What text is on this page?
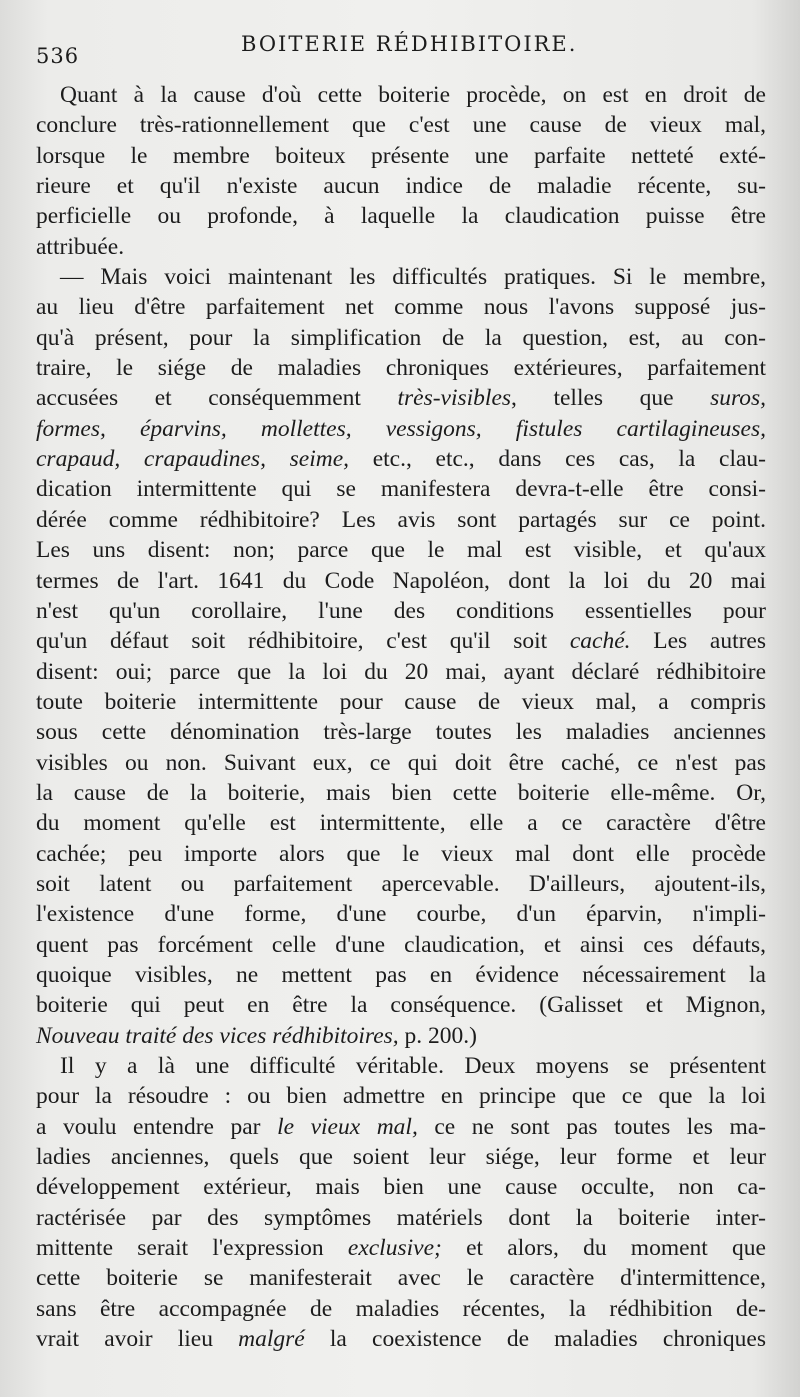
536	BOITERIE RÉDHIBITOIRE.
Quant à la cause d'où cette boiterie procède, on est en droit de
conclure très-rationnellement que c'est une cause de vieux mal,
lorsque le membre boiteux présente une parfaite netteté exté-
rieure et qu'il n'existe aucun indice de maladie récente, su-
perficielle ou profonde, à laquelle la claudication puisse être
attribuée.
— Mais voici maintenant les difficultés pratiques. Si le membre,
au lieu d'être parfaitement net comme nous l'avons supposé jus-
qu'à présent, pour la simplification de la question, est, au con-
traire, le siége de maladies chroniques extérieures, parfaitement
accusées et conséquemment très-visibles, telles que suros,
formes, éparvins, mollettes, vessigons, fistules cartilagineuses,
crapaud, crapaudines, seime, etc., etc., dans ces cas, la clau-
dication intermittente qui se manifestera devra-t-elle être consi-
dérée comme rédhibitoire? Les avis sont partagés sur ce point.
Les uns disent: non; parce que le mal est visible, et qu'aux
termes de l'art. 1641 du Code Napoléon, dont la loi du 20 mai
n'est qu'un corollaire, l'une des conditions essentielles pour
qu'un défaut soit rédhibitoire, c'est qu'il soit caché. Les autres
disent: oui; parce que la loi du 20 mai, ayant déclaré rédhibitoire
toute boiterie intermittente pour cause de vieux mal, a compris
sous cette dénomination très-large toutes les maladies anciennes
visibles ou non. Suivant eux, ce qui doit être caché, ce n'est pas
la cause de la boiterie, mais bien cette boiterie elle-même. Or,
du moment qu'elle est intermittente, elle a ce caractère d'être
cachée; peu importe alors que le vieux mal dont elle procède
soit latent ou parfaitement apercevable. D'ailleurs, ajoutent-ils,
l'existence d'une forme, d'une courbe, d'un éparvin, n'impli-
quent pas forcément celle d'une claudication, et ainsi ces défauts,
quoique visibles, ne mettent pas en évidence nécessairement la
boiterie qui peut en être la conséquence. (Galisset et Mignon,
Nouveau traité des vices rédhibitoires, p. 200.)
Il y a là une difficulté véritable. Deux moyens se présentent
pour la résoudre : ou bien admettre en principe que ce que la loi
a voulu entendre par le vieux mal, ce ne sont pas toutes les ma-
ladies anciennes, quels que soient leur siége, leur forme et leur
développement extérieur, mais bien une cause occulte, non ca-
ractérisée par des symptômes matériels dont la boiterie inter-
mittente serait l'expression exclusive; et alors, du moment que
cette boiterie se manifesterait avec le caractère d'intermittence,
sans être accompagnée de maladies récentes, la rédhibition de-
vrait avoir lieu malgré la coexistence de maladies chroniques
